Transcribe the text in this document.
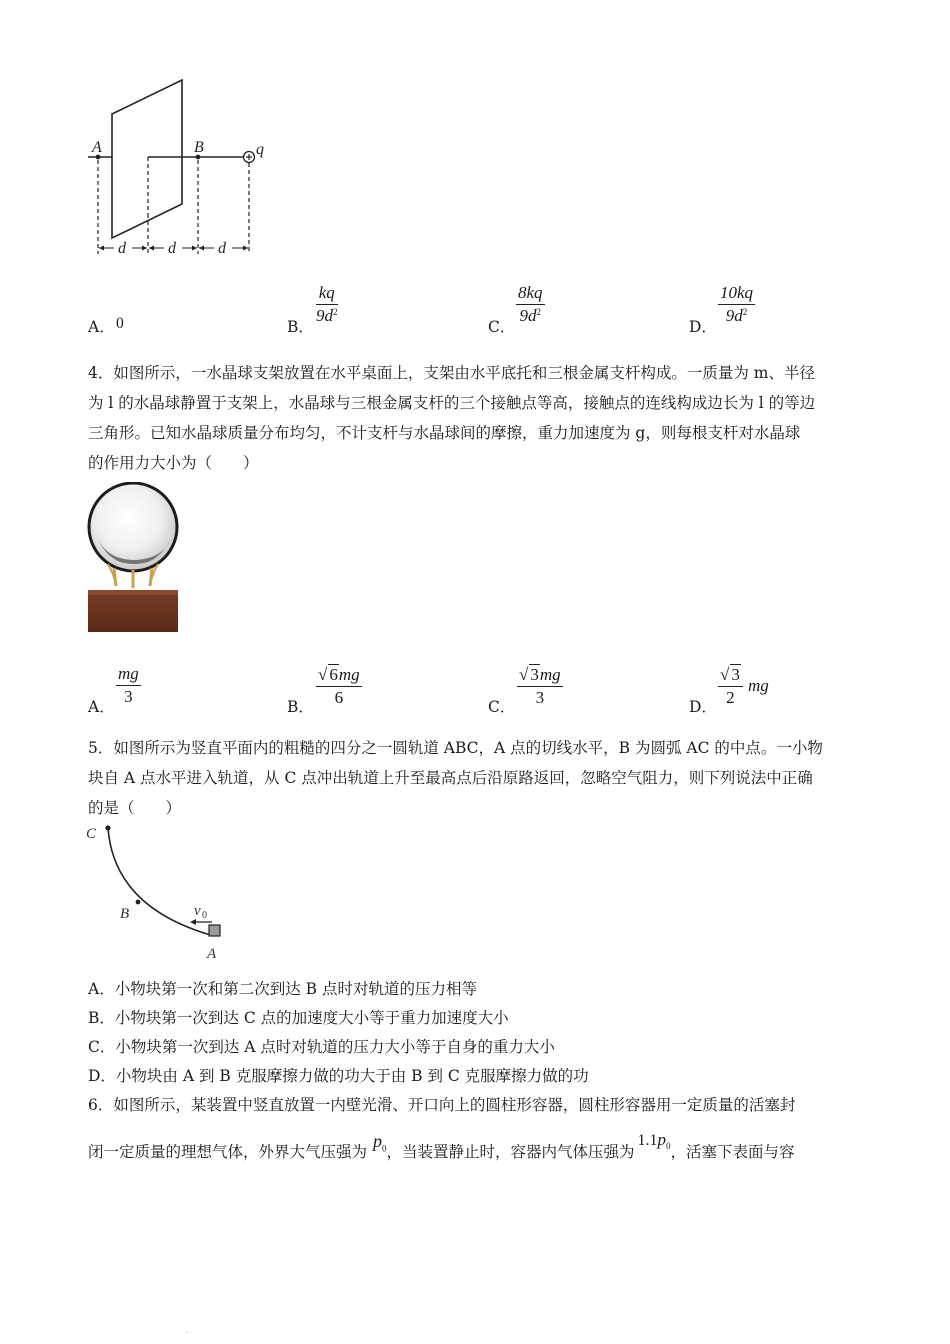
A	B	q
d	d	d
+
A． 0	B．
$\frac{kq}{9d^2}$
C．
$\frac{8kq}{9d^2}$
D．
$\frac{10kq}{9d^2}$
4．如图所示，一水晶球支架放置在水平桌面上，支架由水平底托和三根金属支杆构成。一质量为 m、半径
为 l 的水晶球静置于支架上，水晶球与三根金属支杆的三个接触点等高，接触点的连线构成边长为 l 的等边
三角形。已知水晶球质量分布均匀，不计支杆与水晶球间的摩擦，重力加速度为 g，则每根支杆对水晶球
的作用力大小为（　　）
A． $\frac{mg}{3}$	B． $\frac{√ 6mg}{6}$	C． $\frac{√ 3mg}{3}$	D． $\frac{√ 3}{2}$ mg
5．如图所示为竖直平面内的粗糙的四分之一圆轨道 ABC，A 点的切线水平，B 为圆弧 AC 的中点。一小物
块自 A 点水平进入轨道，从 C 点冲出轨道上升至最高点后沿原路返回，忽略空气阻力，则下列说法中正确
的是（　　）
C
B
A
v 0
A．小物块第一次和第二次到达 B 点时对轨道的压力相等
B．小物块第一次到达 C 点的加速度大小等于重力加速度大小
C．小物块第一次到达 A 点时对轨道的压力大小等于自身的重力大小
D．小物块由 A 到 B 克服摩擦力做的功大于由 B 到 C 克服摩擦力做的功
6．如图所示，某装置中竖直放置一内壁光滑、开口向上的圆柱形容器，圆柱形容器用一定质量的活塞封
闭一定质量的理想气体，外界大气压强为$p_0$，当装置静止时，容器内气体压强为$1.1p_0$，活塞下表面与容
.
